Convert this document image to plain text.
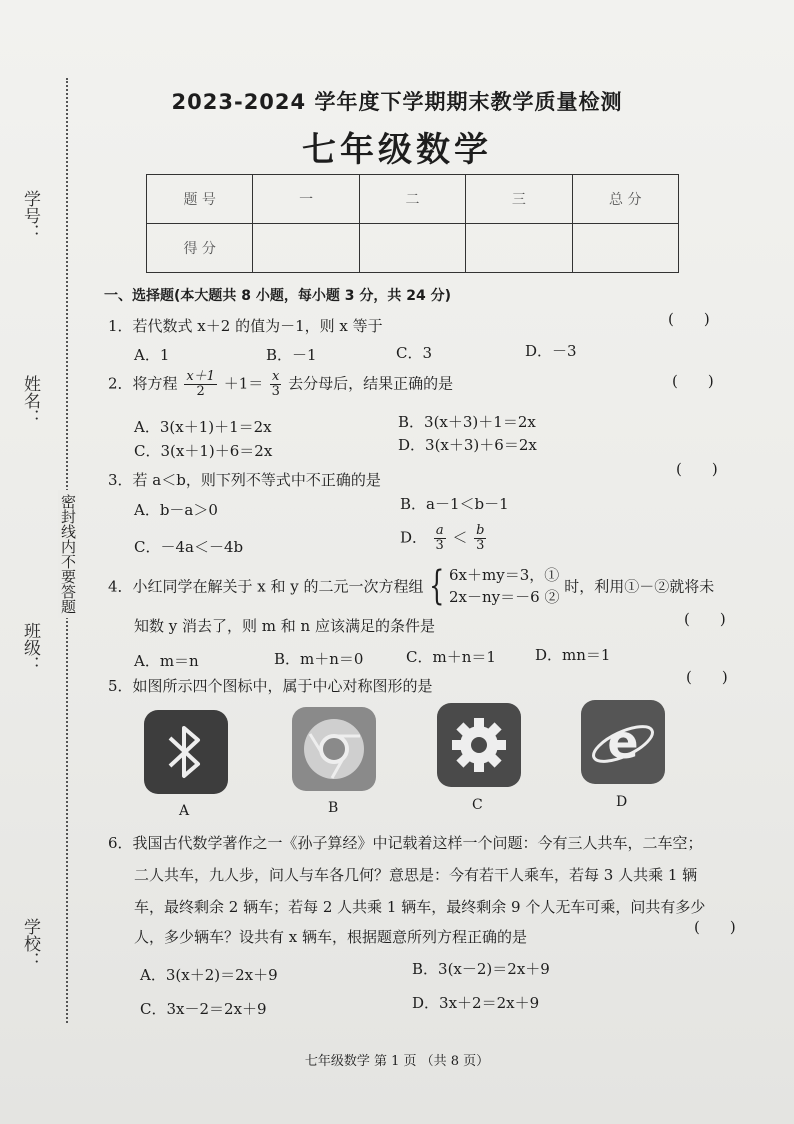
学号：
姓名：
班级：
学校：
密封线内不要答题
2023-2024 学年度下学期期末教学质量检测
七年级数学
题 号	一	二	三	总 分
得 分				
一、选择题(本大题共 8 小题，每小题 3 分，共 24 分)
1．若代数式 x＋2 的值为－1，则 x 等于	(　　)
A．1	B．－1	C．3	D．－3
2．将方程 $\frac{x+1}{2} +1= \frac{x}{3}$ 去分母后，结果正确的是	(　　)
A．3(x＋1)＋1＝2x	B．3(x＋3)＋1＝2x
C．3(x＋1)＋6＝2x	D．3(x＋3)＋6＝2x
3．若 a＜b，则下列不等式中不正确的是
(　　)
A．b－a＞0	B．a－1＜b－1
C．－4a＜－4b
D． $\frac{a}{3} < \frac{b}{3}$
4．小红同学在解关于 x 和 y 的二元一次方程组 { 6x＋my＝3，①
2x－ny＝－6 ②
时，利用①－②就将未
知数 y 消去了，则 m 和 n 应该满足的条件是	(　　)
A．m＝n	B．m＋n＝0	C．m＋n＝1	D．mn＝1
5．如图所示四个图标中，属于中心对称图形的是	(　　)
e
A	B	C	D
6．我国古代数学著作之一《孙子算经》中记载着这样一个问题：今有三人共车，二车空；
二人共车，九人步，问人与车各几何？意思是：今有若干人乘车，若每 3 人共乘 1 辆
车，最终剩余 2 辆车；若每 2 人共乘 1 辆车，最终剩余 9 个人无车可乘，问共有多少
人，多少辆车？设共有 x 辆车，根据题意所列方程正确的是
(　　)
A．3(x＋2)＝2x＋9	B．3(x－2)＝2x＋9
C．3x－2＝2x＋9	D．3x＋2＝2x＋9
七年级数学 第 1 页 （共 8 页）
